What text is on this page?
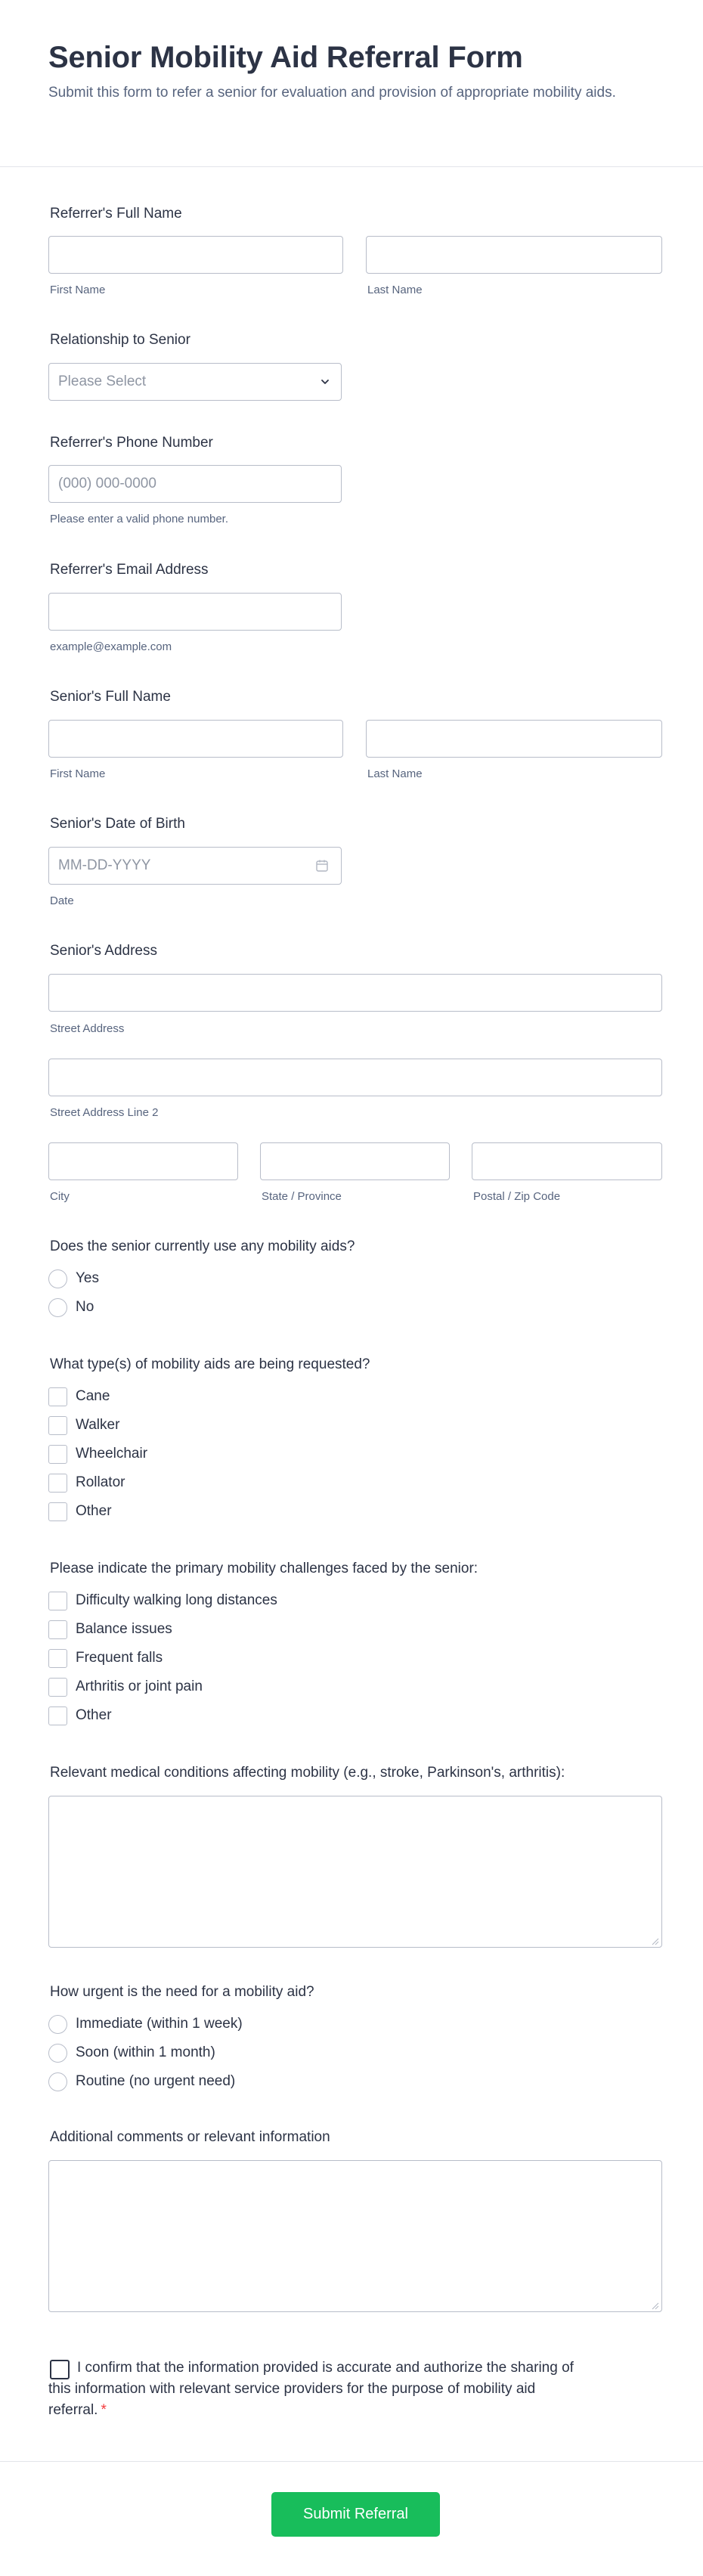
Senior Mobility Aid Referral Form

Submit this form to refer a senior for evaluation and provision of appropriate mobility aids.

Referrer's Full Name
First Name	Last Name
Relationship to Senior
Please Select
Referrer's Phone Number
(000) 000-0000
Please enter a valid phone number.
Referrer's Email Address
example@example.com
Senior's Full Name
First Name	Last Name
Senior's Date of Birth
MM-DD-YYYY
Date
Senior's Address
Street Address
Street Address Line 2
City	State / Province	Postal / Zip Code
Does the senior currently use any mobility aids?
Yes
No
What type(s) of mobility aids are being requested?
Cane
Walker
Wheelchair
Rollator
Other
Please indicate the primary mobility challenges faced by the senior:
Difficulty walking long distances
Balance issues
Frequent falls
Arthritis or joint pain
Other
Relevant medical conditions affecting mobility (e.g., stroke, Parkinson's, arthritis):
How urgent is the need for a mobility aid?
Immediate (within 1 week)
Soon (within 1 month)
Routine (no urgent need)
Additional comments or relevant information
I confirm that the information provided is accurate and authorize the sharing of this information with relevant service providers for the purpose of mobility aid referral. *
Submit Referral
